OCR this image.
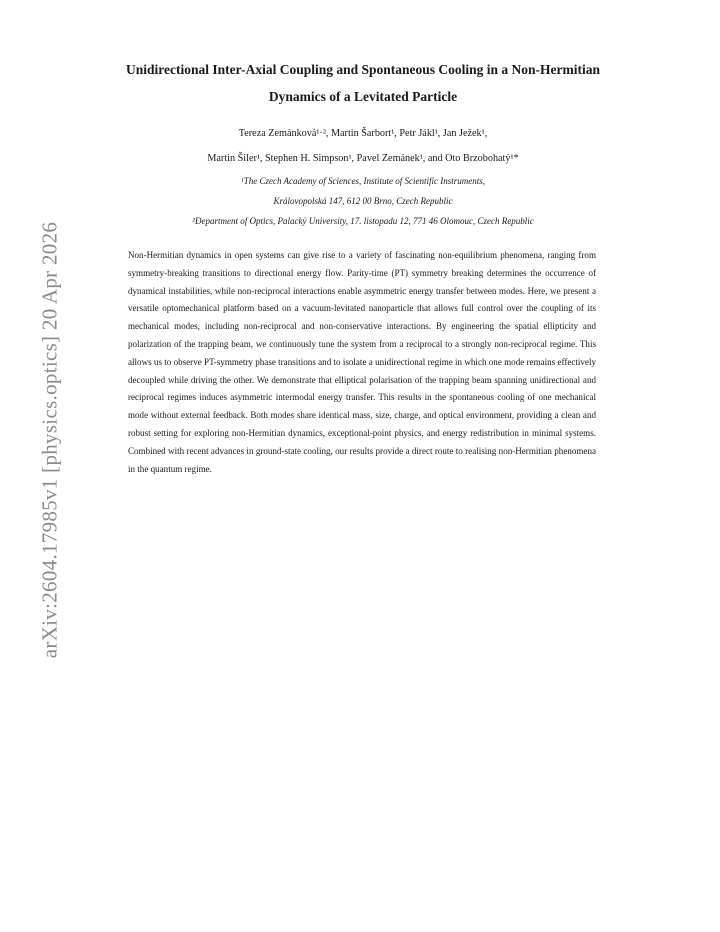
arXiv:2604.17985v1 [physics.optics] 20 Apr 2026
Unidirectional Inter-Axial Coupling and Spontaneous Cooling in a Non-Hermitian
Dynamics of a Levitated Particle
Tereza Zemánková¹·², Martin Šarbort¹, Petr Jákl¹, Jan Ježek¹,
Martin Šiler¹, Stephen H. Simpson¹, Pavel Zemánek¹, and Oto Brzobohatý¹*
¹The Czech Academy of Sciences, Institute of Scientific Instruments,
Královopolská 147, 612 00 Brno, Czech Republic
²Department of Optics, Palacký University, 17. listopadu 12, 771 46 Olomouc, Czech Republic
Non-Hermitian dynamics in open systems can give rise to a variety of fascinating non-equilibrium phenomena, ranging from symmetry-breaking transitions to directional energy flow. Parity-time (PT) symmetry breaking determines the occurrence of dynamical instabilities, while non-reciprocal interactions enable asymmetric energy transfer between modes. Here, we present a versatile optomechanical platform based on a vacuum-levitated nanoparticle that allows full control over the coupling of its mechanical modes, including non-reciprocal and non-conservative interactions. By engineering the spatial ellipticity and polarization of the trapping beam, we continuously tune the system from a reciprocal to a strongly non-reciprocal regime. This allows us to observe PT-symmetry phase transitions and to isolate a unidirectional regime in which one mode remains effectively decoupled while driving the other. We demonstrate that elliptical polarisation of the trapping beam spanning unidirectional and reciprocal regimes induces asymmetric intermodal energy transfer. This results in the spontaneous cooling of one mechanical mode without external feedback. Both modes share identical mass, size, charge, and optical environment, providing a clean and robust setting for exploring non-Hermitian dynamics, exceptional-point physics, and energy redistribution in minimal systems. Combined with recent advances in ground-state cooling, our results provide a direct route to realising non-Hermitian phenomena in the quantum regime.
